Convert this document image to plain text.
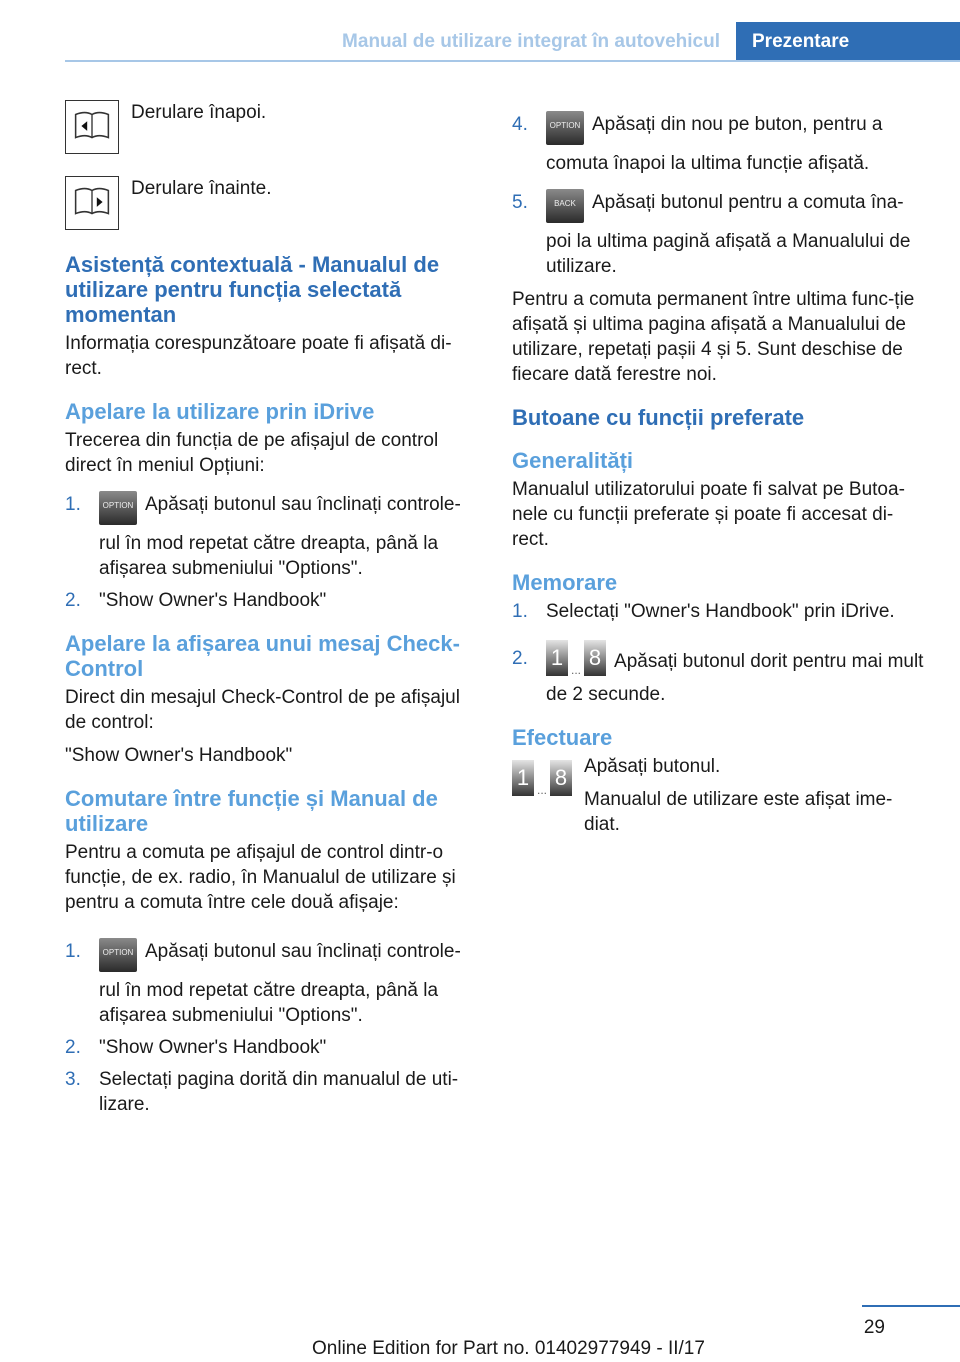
Manual de utilizare integrat în autovehicul	Prezentare
Derulare înapoi.
Derulare înainte.
Asistență contextuală - Manualul de utilizare pentru funcția selectată momentan

Informația corespunzătoare poate fi afișată di-rect.

Apelare la utilizare prin iDrive

Trecerea din funcția de pe afișajul de control direct în meniul Opțiuni:

1.	OPTION Apăsați butonul sau înclinați controle-rul în mod repetat către dreapta, până la afișarea submeniului "Options".
2. "Show Owner's Handbook"
Apelare la afișarea unui mesaj Check-Control

Direct din mesajul Check-Control de pe afișajul de control:

"Show Owner's Handbook"

Comutare între funcție și Manual de utilizare

Pentru a comuta pe afișajul de control dintr-o funcție, de ex. radio, în Manualul de utilizare și pentru a comuta între cele două afișaje:

1.	OPTION Apăsați butonul sau înclinați controle-rul în mod repetat către dreapta, până la afișarea submeniului "Options".
2. "Show Owner's Handbook"
3. Selectați pagina dorită din manualul de uti-lizare.
4.	OPTION Apăsați din nou pe buton, pentru a comuta înapoi la ultima funcție afișată.
5.	BACK Apăsați butonul pentru a comuta îna-poi la ultima pagină afișată a Manualului de utilizare.

Pentru a comuta permanent între ultima func-ție afișată și ultima pagina afișată a Manualului de utilizare, repetați pașii 4 și 5. Sunt deschise de fiecare dată ferestre noi.

Butoane cu funcții preferate
Generalități

Manualul utilizatorului poate fi salvat pe Butoa-nele cu funcții preferate și poate fi accesat di-rect.

Memorare
1. Selectați "Owner's Handbook" prin iDrive.
2. 1 ... 8 Apăsați butonul dorit pentru mai mult de 2 secunde.
Efectuare
1 ... 8 Apăsați butonul.

Manualul de utilizare este afișat ime-diat.

29
Online Edition for Part no. 01402977949 - II/17
